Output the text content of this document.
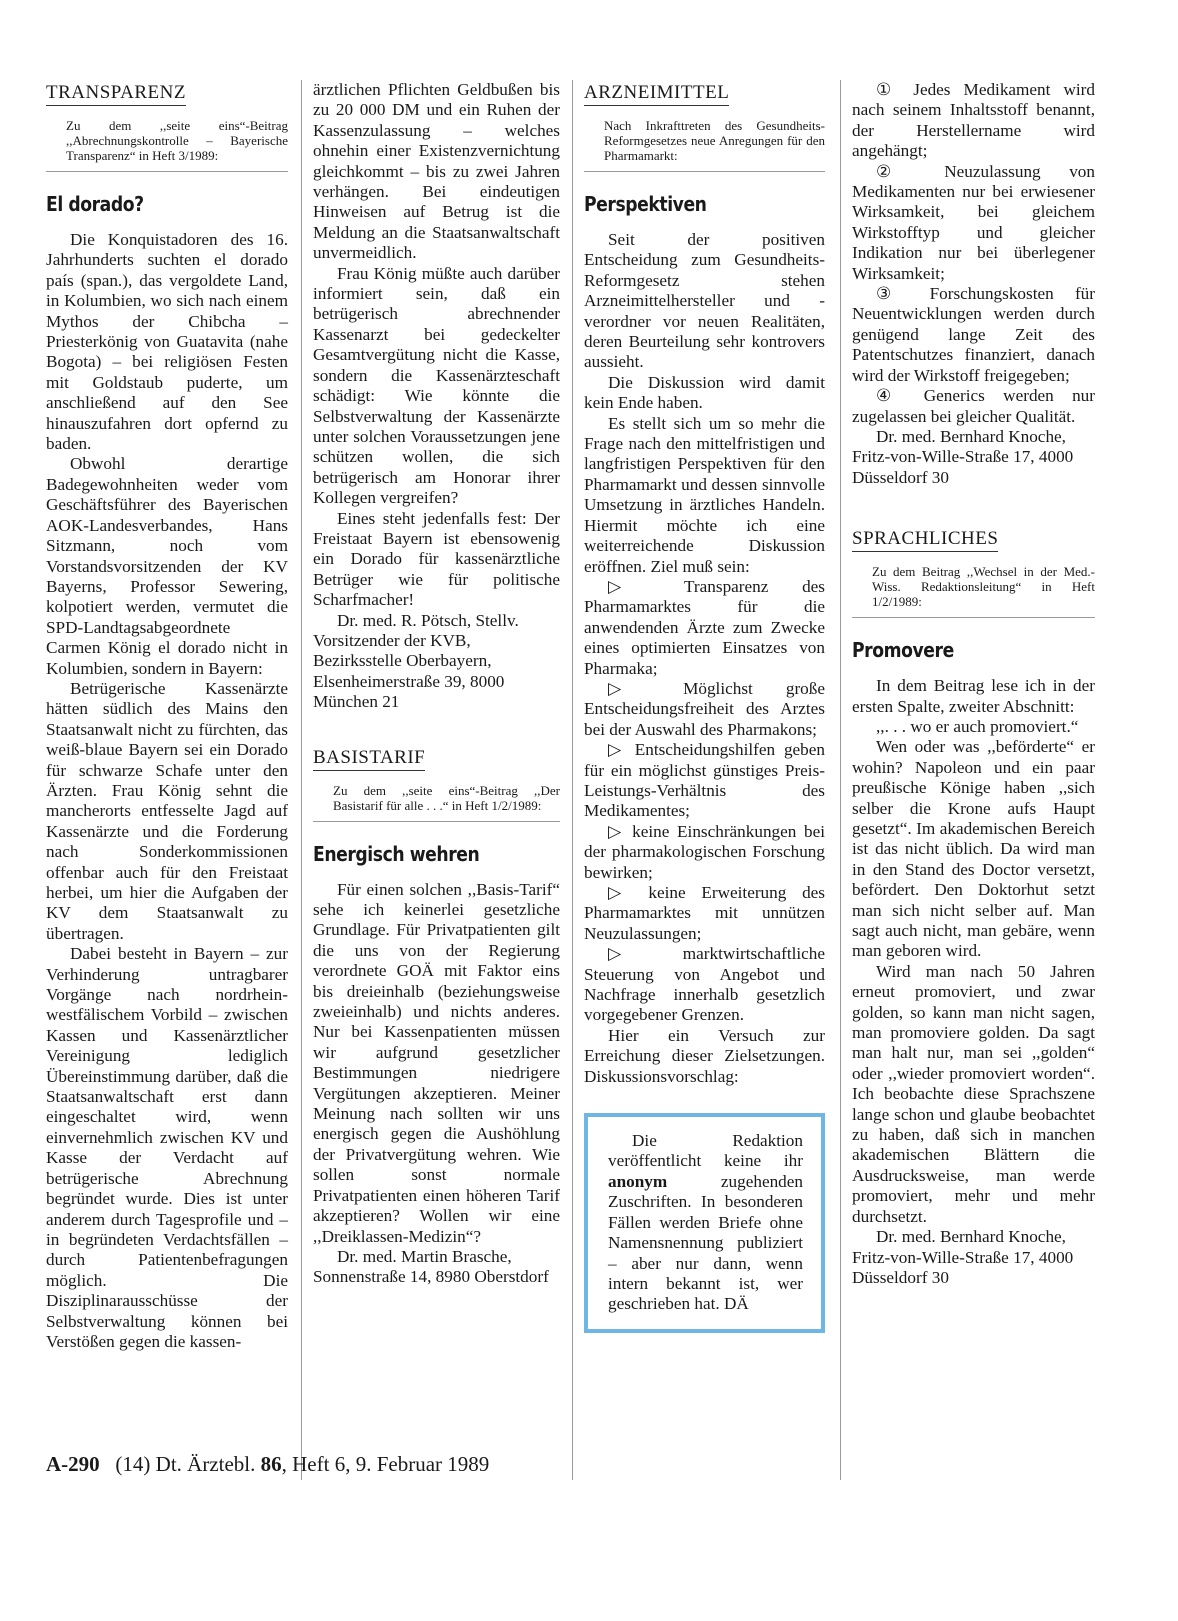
TRANSPARENZ

Zu dem ,,seite eins“-Beitrag ,,Abrechnungskontrolle – Bayerische Transparenz“ in Heft 3/1989:

El dorado?

Die Konquistadoren des 16. Jahrhunderts suchten el dorado país (span.), das vergoldete Land, in Kolumbien, wo sich nach einem Mythos der Chibcha – Priesterkönig von Guatavita (nahe Bogota) – bei religiösen Festen mit Goldstaub puderte, um anschließend auf den See hinauszufahren dort opfernd zu baden.

Obwohl derartige Badegewohnheiten weder vom Geschäftsführer des Bayerischen AOK-Landesverbandes, Hans Sitzmann, noch vom Vorstandsvorsitzenden der KV Bayerns, Professor Sewering, kolpotiert werden, vermutet die SPD-Landtagsabgeordnete Carmen König el dorado nicht in Kolumbien, sondern in Bayern:

Betrügerische Kassenärzte hätten südlich des Mains den Staatsanwalt nicht zu fürchten, das weiß-blaue Bayern sei ein Dorado für schwarze Schafe unter den Ärzten. Frau König sehnt die mancherorts entfesselte Jagd auf Kassenärzte und die Forderung nach Sonderkommissionen offenbar auch für den Freistaat herbei, um hier die Aufgaben der KV dem Staatsanwalt zu übertragen.

Dabei besteht in Bayern – zur Verhinderung untragbarer Vorgänge nach nordrhein-westfälischem Vorbild – zwischen Kassen und Kassenärztlicher Vereinigung lediglich Übereinstimmung darüber, daß die Staatsanwaltschaft erst dann eingeschaltet wird, wenn einvernehmlich zwischen KV und Kasse der Verdacht auf betrügerische Abrechnung begründet wurde. Dies ist unter anderem durch Tagesprofile und – in begründeten Verdachtsfällen – durch Patientenbefragungen möglich. Die Disziplinarausschüsse der Selbstverwaltung können bei Verstößen gegen die kassen-

ärztlichen Pflichten Geldbußen bis zu 20 000 DM und ein Ruhen der Kassenzulassung – welches ohnehin einer Existenzvernichtung gleichkommt – bis zu zwei Jahren verhängen. Bei eindeutigen Hinweisen auf Betrug ist die Meldung an die Staatsanwaltschaft unvermeidlich.

Frau König müßte auch darüber informiert sein, daß ein betrügerisch abrechnender Kassenarzt bei gedeckelter Gesamtvergütung nicht die Kasse, sondern die Kassenärzteschaft schädigt: Wie könnte die Selbstverwaltung der Kassenärzte unter solchen Voraussetzungen jene schützen wollen, die sich betrügerisch am Honorar ihrer Kollegen vergreifen?

Eines steht jedenfalls fest: Der Freistaat Bayern ist ebensowenig ein Dorado für kassenärztliche Betrüger wie für politische Scharfmacher!

Dr. med. R. Pötsch, Stellv. Vorsitzender der KVB, Bezirksstelle Oberbayern, Elsenheimerstraße 39, 8000 München 21

BASISTARIF

Zu dem ,,seite eins“-Beitrag ,,Der Basistarif für alle . . .“ in Heft 1/2/1989:

Energisch wehren

Für einen solchen ,,Basis-Tarif“ sehe ich keinerlei gesetzliche Grundlage. Für Privatpatienten gilt die uns von der Regierung verordnete GOÄ mit Faktor eins bis dreieinhalb (beziehungsweise zweieinhalb) und nichts anderes. Nur bei Kassenpatienten müssen wir aufgrund gesetzlicher Bestimmungen niedrigere Vergütungen akzeptieren. Meiner Meinung nach sollten wir uns energisch gegen die Aushöhlung der Privatvergütung wehren. Wie sollen sonst normale Privatpatienten einen höheren Tarif akzeptieren? Wollen wir eine ,,Dreiklassen-Medizin“?

Dr. med. Martin Brasche, Sonnenstraße 14, 8980 Oberstdorf

ARZNEIMITTEL

Nach Inkrafttreten des Gesundheits-Reformgesetzes neue Anregungen für den Pharmamarkt:

Perspektiven

Seit der positiven Entscheidung zum Gesundheits-Reformgesetz stehen Arzneimittelhersteller und -verordner vor neuen Realitäten, deren Beurteilung sehr kontrovers aussieht.

Die Diskussion wird damit kein Ende haben.

Es stellt sich um so mehr die Frage nach den mittelfristigen und langfristigen Perspektiven für den Pharmamarkt und dessen sinnvolle Umsetzung in ärztliches Handeln. Hiermit möchte ich eine weiterreichende Diskussion eröffnen. Ziel muß sein:

▷ Transparenz des Pharmamarktes für die anwendenden Ärzte zum Zwecke eines optimierten Einsatzes von Pharmaka;

▷ Möglichst große Entscheidungsfreiheit des Arztes bei der Auswahl des Pharmakons;

▷ Entscheidungshilfen geben für ein möglichst günstiges Preis-Leistungs-Verhältnis des Medikamentes;

▷ keine Einschränkungen bei der pharmakologischen Forschung bewirken;

▷ keine Erweiterung des Pharmamarktes mit unnützen Neuzulassungen;

▷ marktwirtschaftliche Steuerung von Angebot und Nachfrage innerhalb gesetzlich vorgegebener Grenzen.

Hier ein Versuch zur Erreichung dieser Zielsetzungen. Diskussionsvorschlag:

Die Redaktion veröffentlicht keine ihr anonym	zugehenden Zuschriften. In besonderen Fällen werden Briefe ohne Namensnennung publiziert – aber nur dann, wenn intern bekannt ist, wer geschrieben hat. DÄ

① Jedes Medikament wird nach seinem Inhaltsstoff benannt, der Herstellername wird angehängt;

② Neuzulassung von Medikamenten nur bei erwiesener Wirksamkeit, bei gleichem Wirkstofftyp und gleicher Indikation nur bei überlegener Wirksamkeit;

③ Forschungskosten für Neuentwicklungen werden durch genügend lange Zeit des Patentschutzes finanziert, danach wird der Wirkstoff freigegeben;

④ Generics werden nur zugelassen bei gleicher Qualität.

Dr. med. Bernhard Knoche, Fritz-von-Wille-Straße 17, 4000 Düsseldorf 30

SPRACHLICHES

Zu dem Beitrag ,,Wechsel in der Med.-Wiss. Redaktionsleitung“ in Heft 1/2/1989:

Promovere

In dem Beitrag lese ich in der ersten Spalte, zweiter Abschnitt:

,,. . . wo er auch promoviert.“

Wen oder was ,,befördertе“ er wohin? Napoleon und ein paar preußische Könige haben ,,sich selber die Krone aufs Haupt gesetzt“. Im akademischen Bereich ist das nicht üblich. Da wird man in den Stand des Doctor versetzt, befördert. Den Doktorhut setzt man sich nicht selber auf. Man sagt auch nicht, man gebäre, wenn man geboren wird.

Wird man nach 50 Jahren erneut promoviert, und zwar golden, so kann man nicht sagen, man promoviere golden. Da sagt man halt nur, man sei ,,golden“ oder ,,wieder promoviert worden“. Ich beobachte diese Sprachszene lange schon und glaube beobachtet zu haben, daß sich in manchen akademischen Blättern die Ausdrucksweise, man werde promoviert, mehr und mehr durchsetzt.

Dr. med. Bernhard Knoche, Fritz-von-Wille-Straße 17, 4000 Düsseldorf 30

A-290 (14) Dt. Ärztebl. 86, Heft 6, 9. Februar 1989
